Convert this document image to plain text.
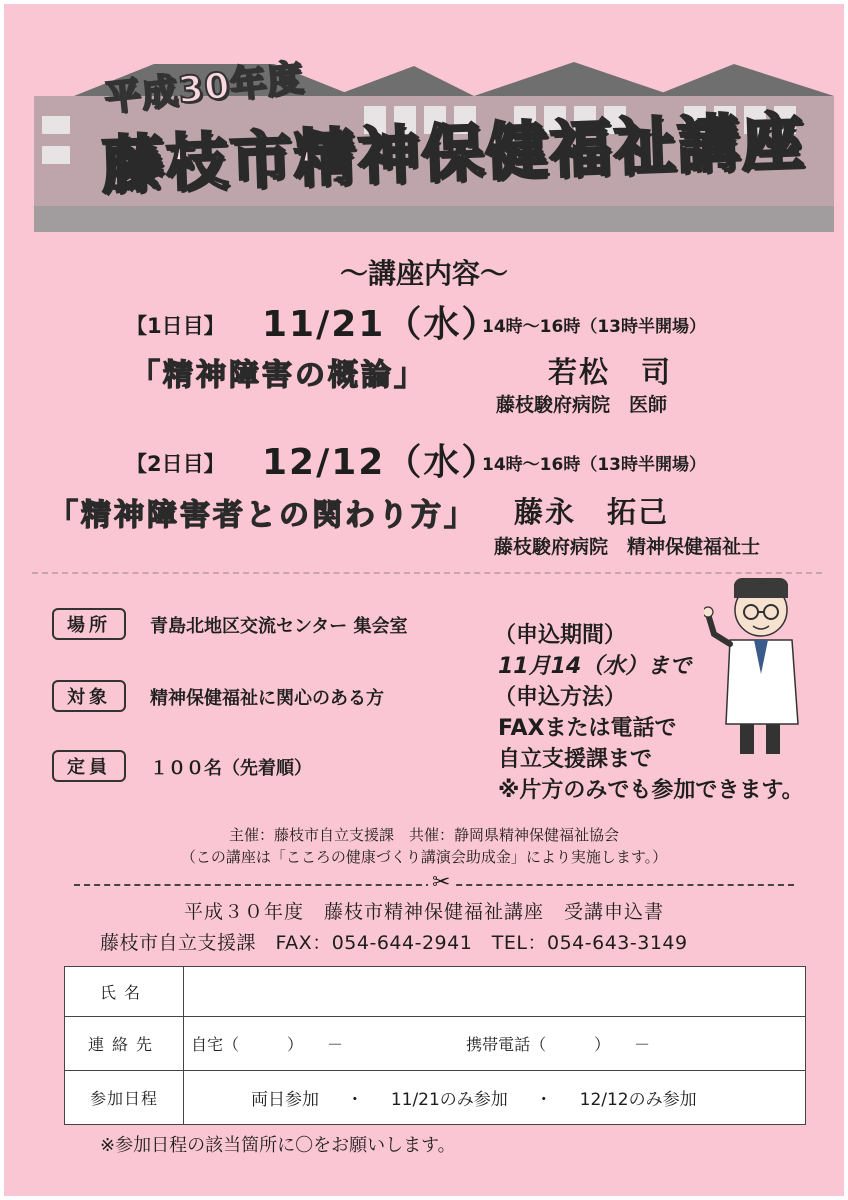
平成30年度
藤枝市精神保健福祉講座
～講座内容～
【1日目】 11/21（水）
14時～16時（13時半開場）
「精神障害の概論」	若松　司
藤枝駿府病院　医師
【2日目】 12/12（水）
14時～16時（13時半開場）
「精神障害者との関わり方」 藤永　拓己
藤枝駿府病院　精神保健福祉士
場所	青島北地区交流センター 集会室
対象	精神保健福祉に関心のある方
定員	１００名（先着順）
（申込期間）
11月14（水）まで
（申込方法）
FAXまたは電話で
自立支援課まで
※片方のみでも参加できます。
主催：藤枝市自立支援課　共催：静岡県精神保健福祉協会
（この講座は「こころの健康づくり講演会助成金」により実施します。）
✂
平成３０年度　藤枝市精神保健福祉講座　受講申込書
藤枝市自立支援課　FAX：054-644-2941　TEL：054-643-3149
氏名	
連絡先	自宅（　　　）　　－ 携帯電話（　　　）　　－
参加日程	両日参加 ・ 11/21のみ参加 ・ 12/12のみ参加
※参加日程の該当箇所に〇をお願いします。
